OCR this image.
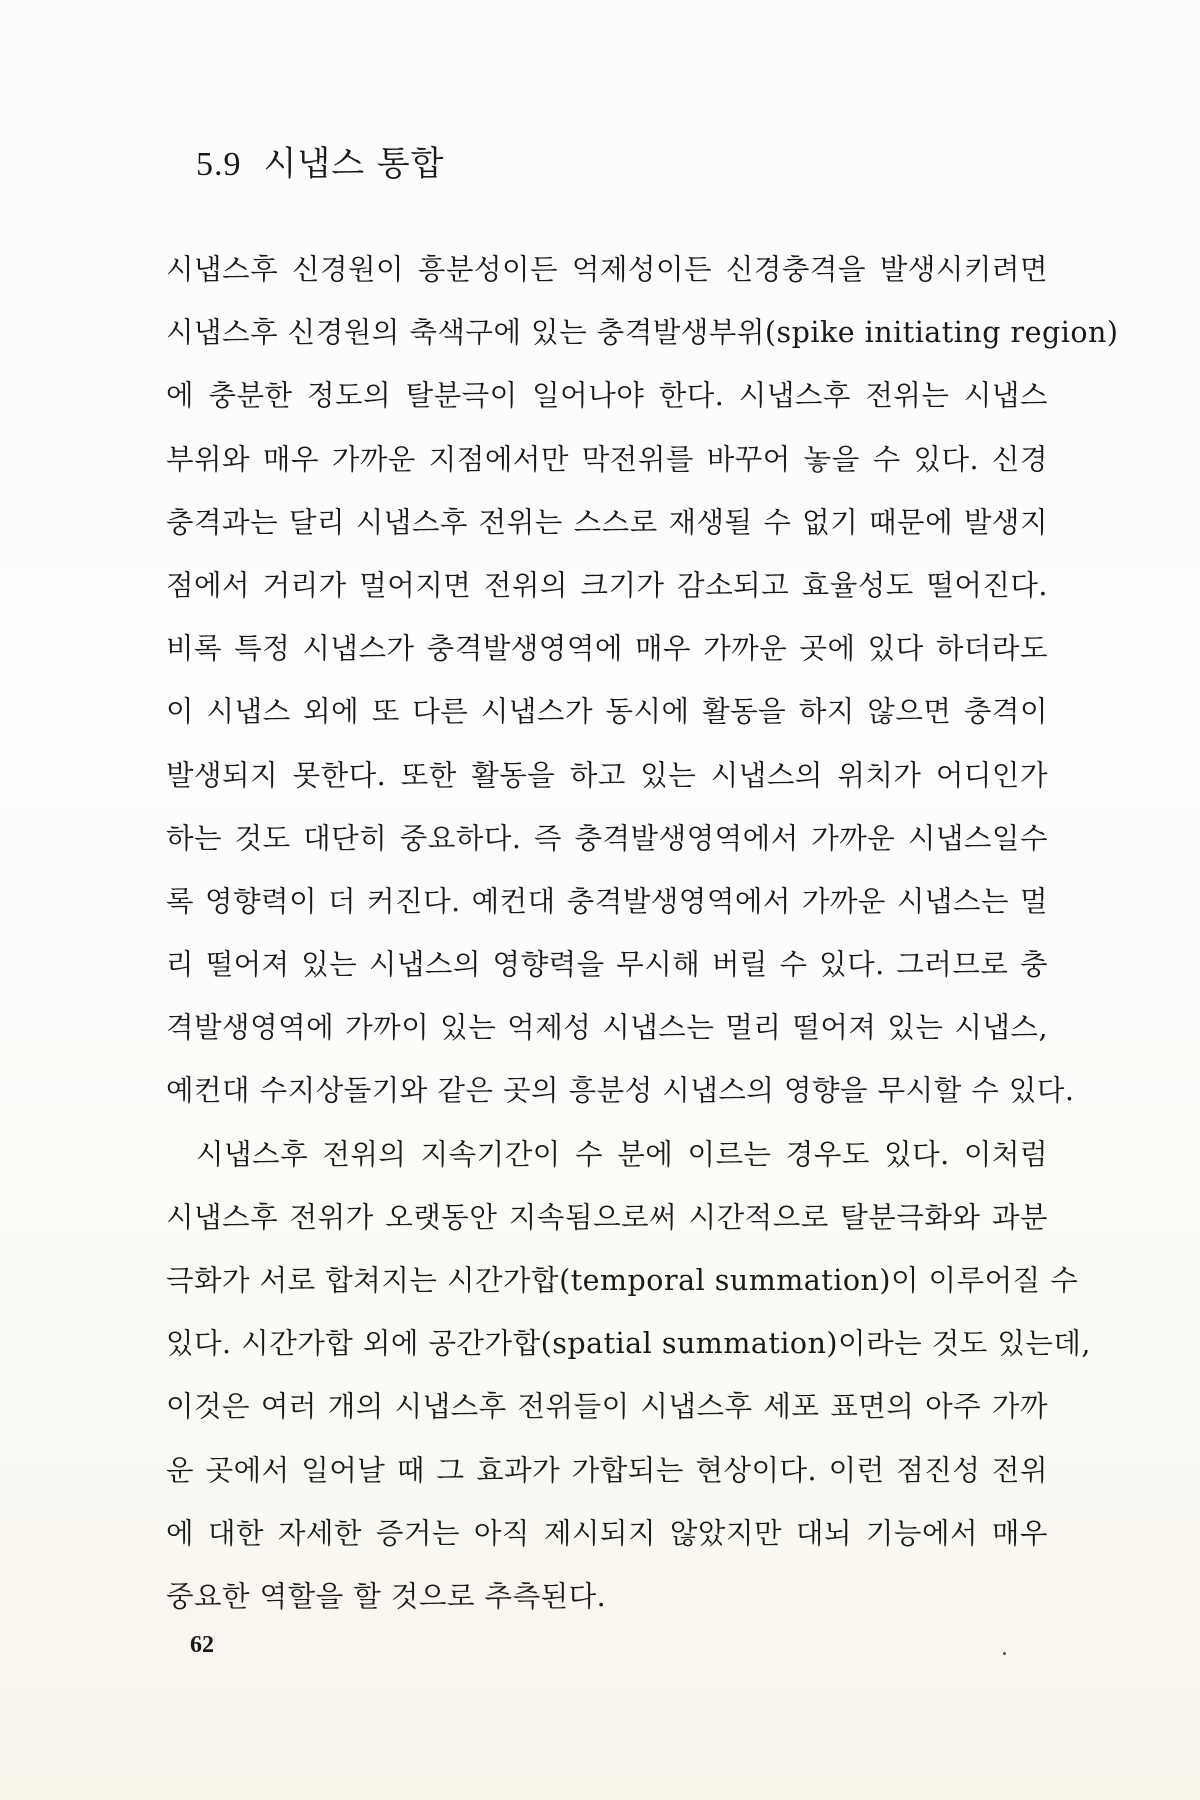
5.9 시냅스 통합
시냅스후 신경원이 흥분성이든 억제성이든 신경충격을 발생시키려면
시냅스후 신경원의 축색구에 있는 충격발생부위(spike initiating region)
에 충분한 정도의 탈분극이 일어나야 한다. 시냅스후 전위는 시냅스
부위와 매우 가까운 지점에서만 막전위를 바꾸어 놓을 수 있다. 신경
충격과는 달리 시냅스후 전위는 스스로 재생될 수 없기 때문에 발생지
점에서 거리가 멀어지면 전위의 크기가 감소되고 효율성도 떨어진다.
비록 특정 시냅스가 충격발생영역에 매우 가까운 곳에 있다 하더라도
이 시냅스 외에 또 다른 시냅스가 동시에 활동을 하지 않으면 충격이
발생되지 못한다. 또한 활동을 하고 있는 시냅스의 위치가 어디인가
하는 것도 대단히 중요하다. 즉 충격발생영역에서 가까운 시냅스일수
록 영향력이 더 커진다. 예컨대 충격발생영역에서 가까운 시냅스는 멀
리 떨어져 있는 시냅스의 영향력을 무시해 버릴 수 있다. 그러므로 충
격발생영역에 가까이 있는 억제성 시냅스는 멀리 떨어져 있는 시냅스,
예컨대 수지상돌기와 같은 곳의 흥분성 시냅스의 영향을 무시할 수 있다.
시냅스후 전위의 지속기간이 수 분에 이르는 경우도 있다. 이처럼
시냅스후 전위가 오랫동안 지속됨으로써 시간적으로 탈분극화와 과분
극화가 서로 합쳐지는 시간가합(temporal summation)이 이루어질 수
있다. 시간가합 외에 공간가합(spatial summation)이라는 것도 있는데,
이것은 여러 개의 시냅스후 전위들이 시냅스후 세포 표면의 아주 가까
운 곳에서 일어날 때 그 효과가 가합되는 현상이다. 이런 점진성 전위
에 대한 자세한 증거는 아직 제시되지 않았지만 대뇌 기능에서 매우
중요한 역할을 할 것으로 추측된다.
62
